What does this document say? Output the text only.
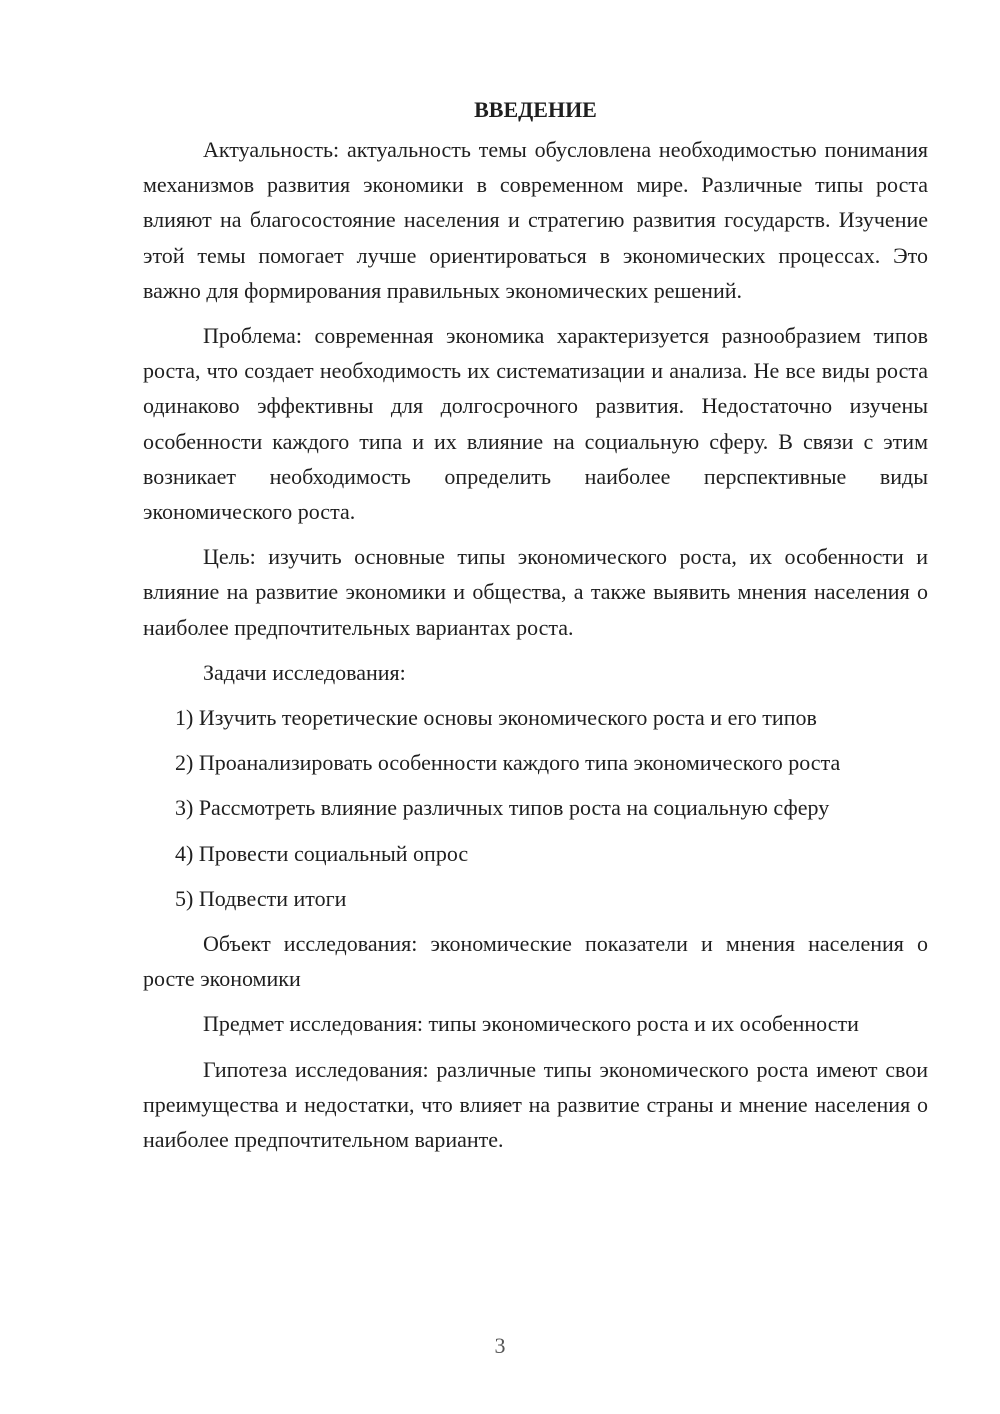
ВВЕДЕНИЕ

Актуальность: актуальность темы обусловлена необходимостью понимания механизмов развития экономики в современном мире. Различные типы роста влияют на благосостояние населения и стратегию развития государств. Изучение этой темы помогает лучше ориентироваться в экономических процессах. Это важно для формирования правильных экономических решений.

Проблема: современная экономика характеризуется разнообразием типов роста, что создает необходимость их систематизации и анализа. Не все виды роста одинаково эффективны для долгосрочного развития. Недостаточно изучены особенности каждого типа и их влияние на социальную сферу. В связи с этим возникает необходимость определить наиболее перспективные виды экономического роста.

Цель: изучить основные типы экономического роста, их особенности и влияние на развитие экономики и общества, а также выявить мнения населения о наиболее предпочтительных вариантах роста.

Задачи исследования:

1) Изучить теоретические основы экономического роста и его типов

2) Проанализировать особенности каждого типа экономического роста

3) Рассмотреть влияние различных типов роста на социальную сферу

4) Провести социальный опрос

5) Подвести итоги

Объект исследования: экономические показатели и мнения населения о росте экономики

Предмет исследования: типы экономического роста и их особенности

Гипотеза исследования: различные типы экономического роста имеют свои преимущества и недостатки, что влияет на развитие страны и мнение населения о наиболее предпочтительном варианте.

3
